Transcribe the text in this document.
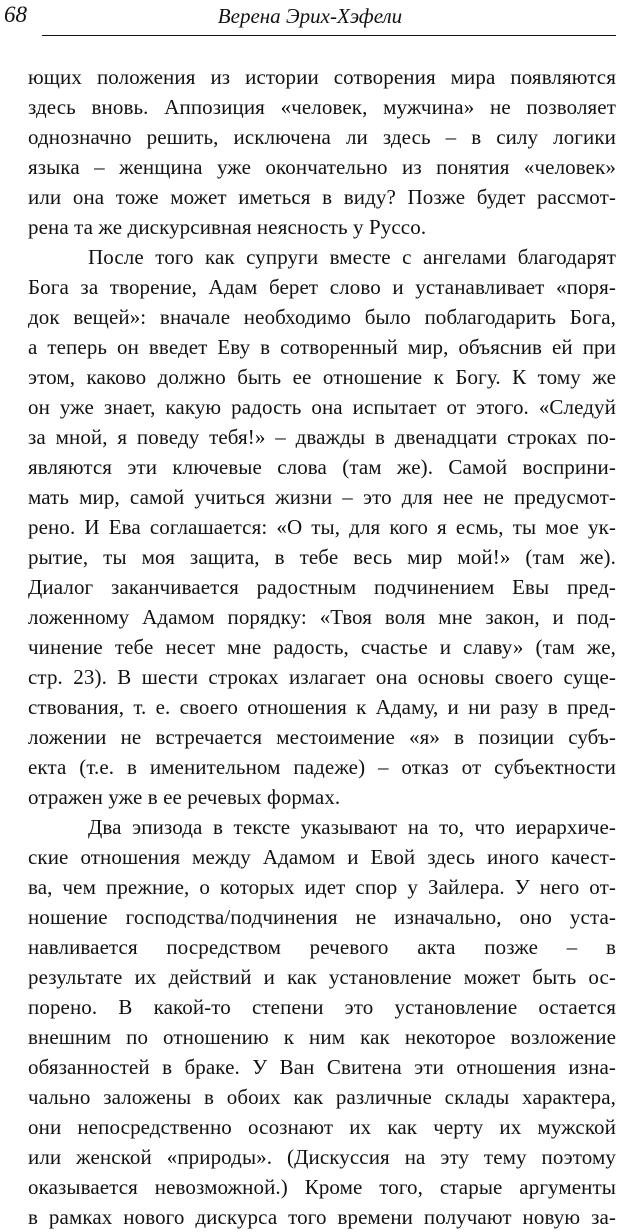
68	Верена Эрих-Хэфели
ющих положения из истории сотворения мира появляются
здесь вновь. Аппозиция «человек, мужчина» не позволяет
однозначно решить, исключена ли здесь – в силу логики
языка – женщина уже окончательно из понятия «человек»
или она тоже может иметься в виду? Позже будет рассмот-
рена та же дискурсивная неясность у Руссо.
После того как супруги вместе с ангелами благодарят
Бога за творение, Адам берет слово и устанавливает «поря-
док вещей»: вначале необходимо было поблагодарить Бога,
а теперь он введет Еву в сотворенный мир, объяснив ей при
этом, каково должно быть ее отношение к Богу. К тому же
он уже знает, какую радость она испытает от этого. «Следуй
за мной, я поведу тебя!» – дважды в двенадцати строках по-
являются эти ключевые слова (там же). Самой восприни-
мать мир, самой учиться жизни – это для нее не предусмот-
рено. И Ева соглашается: «О ты, для кого я есмь, ты мое ук-
рытие, ты моя защита, в тебе весь мир мой!» (там же).
Диалог заканчивается радостным подчинением Евы пред-
ложенному Адамом порядку: «Твоя воля мне закон, и под-
чинение тебе несет мне радость, счастье и славу» (там же,
стр. 23). В шести строках излагает она основы своего суще-
ствования, т. е. своего отношения к Адаму, и ни разу в пред-
ложении не встречается местоимение «я» в позиции субъ-
екта (т.е. в именительном падеже) – отказ от субъектности
отражен уже в ее речевых формах.
Два эпизода в тексте указывают на то, что иерархиче-
ские отношения между Адамом и Евой здесь иного качест-
ва, чем прежние, о которых идет спор у Зайлера. У него от-
ношение господства/подчинения не изначально, оно уста-
навливается посредством речевого акта позже – в
результате их действий и как установление может быть ос-
порено. В какой-то степени это установление остается
внешним по отношению к ним как некоторое возложение
обязанностей в браке. У Ван Свитена эти отношения изна-
чально заложены в обоих как различные склады характера,
они непосредственно осознают их как черту их мужской
или женской «природы». (Дискуссия на эту тему поэтому
оказывается невозможной.) Кроме того, старые аргументы
в рамках нового дискурса того времени получают новую за-
